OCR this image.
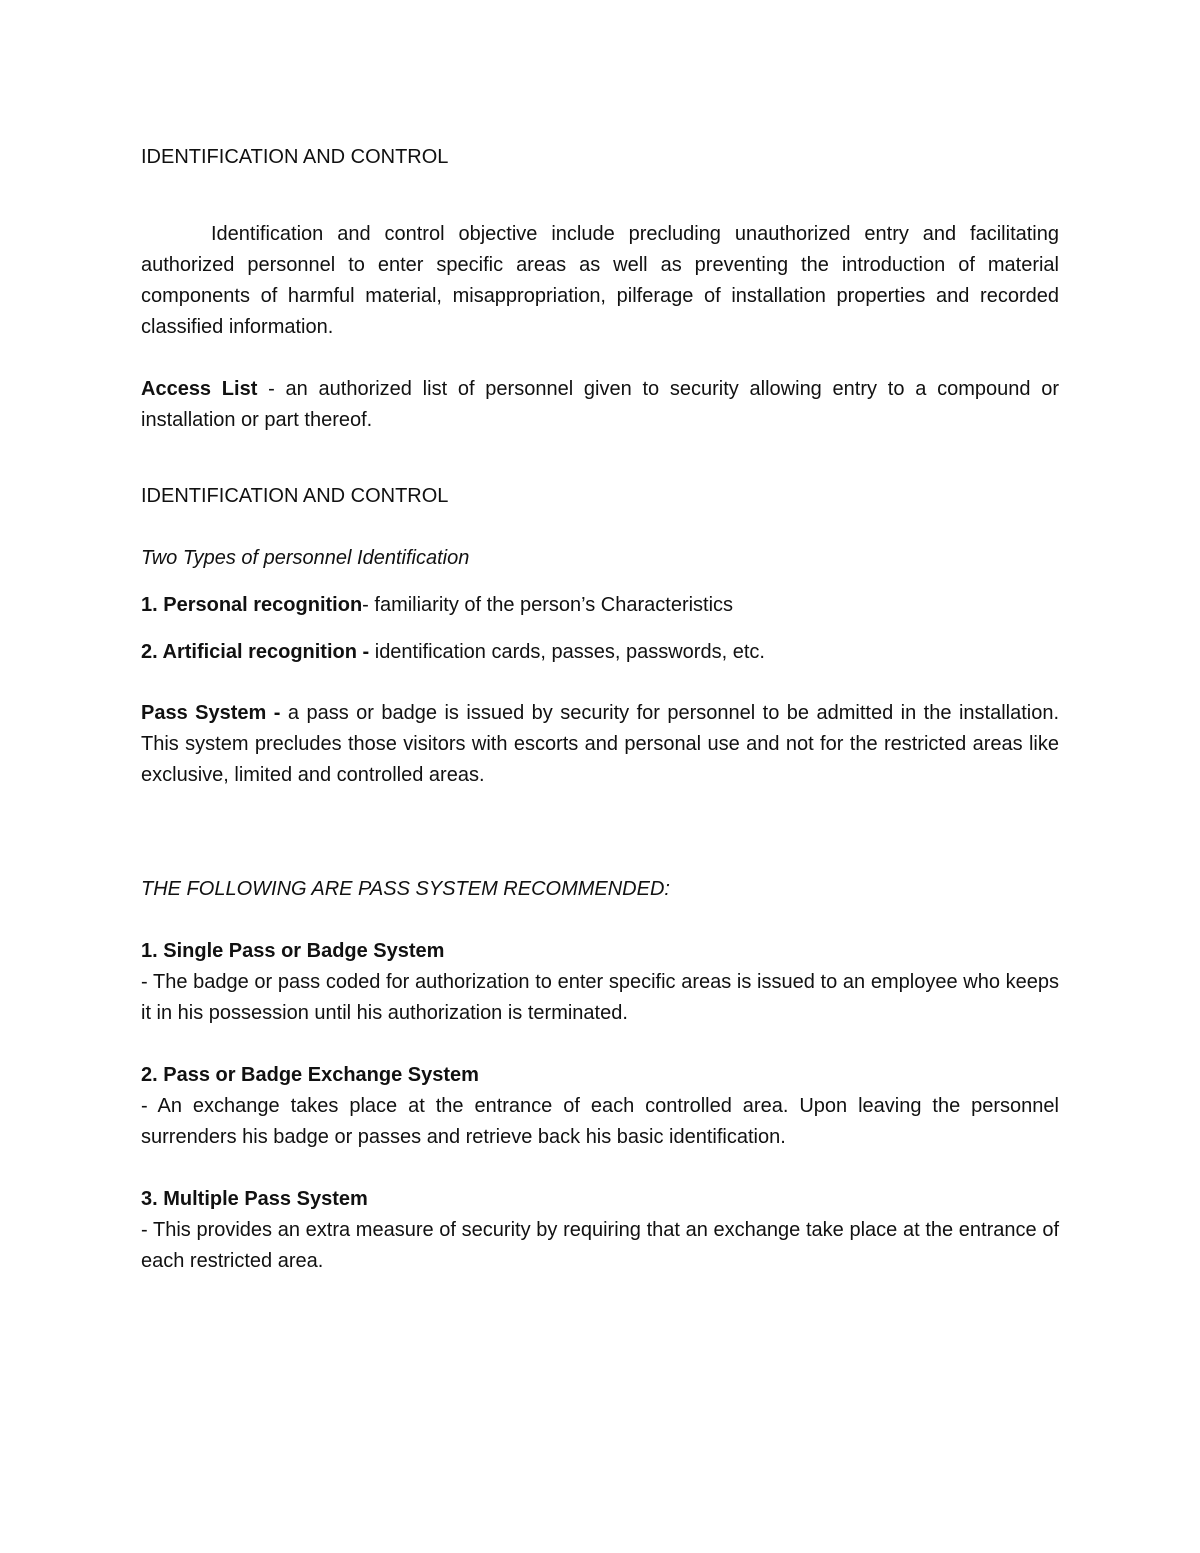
IDENTIFICATION AND CONTROL

Identification and control objective include precluding unauthorized entry and facilitating authorized personnel to enter specific areas as well as preventing the introduction of material components of harmful material, misappropriation, pilferage of installation properties and recorded classified information.

Access List - an authorized list of personnel given to security allowing entry to a compound or installation or part thereof.

IDENTIFICATION AND CONTROL

Two Types of personnel Identification

1. Personal recognition- familiarity of the person’s Characteristics

2. Artificial recognition - identification cards, passes, passwords, etc.

Pass System - a pass or badge is issued by security for personnel to be admitted in the installation. This system precludes those visitors with escorts and personal use and not for the restricted areas like exclusive, limited and controlled areas.

THE FOLLOWING ARE PASS SYSTEM RECOMMENDED:

1. Single Pass or Badge System

- The badge or pass coded for authorization to enter specific areas is issued to an employee who keeps it in his possession until his authorization is terminated.

2. Pass or Badge Exchange System

- An exchange takes place at the entrance of each controlled area. Upon leaving the personnel surrenders his badge or passes and retrieve back his basic identification.

3. Multiple Pass System

- This provides an extra measure of security by requiring that an exchange take place at the entrance of each restricted area.
